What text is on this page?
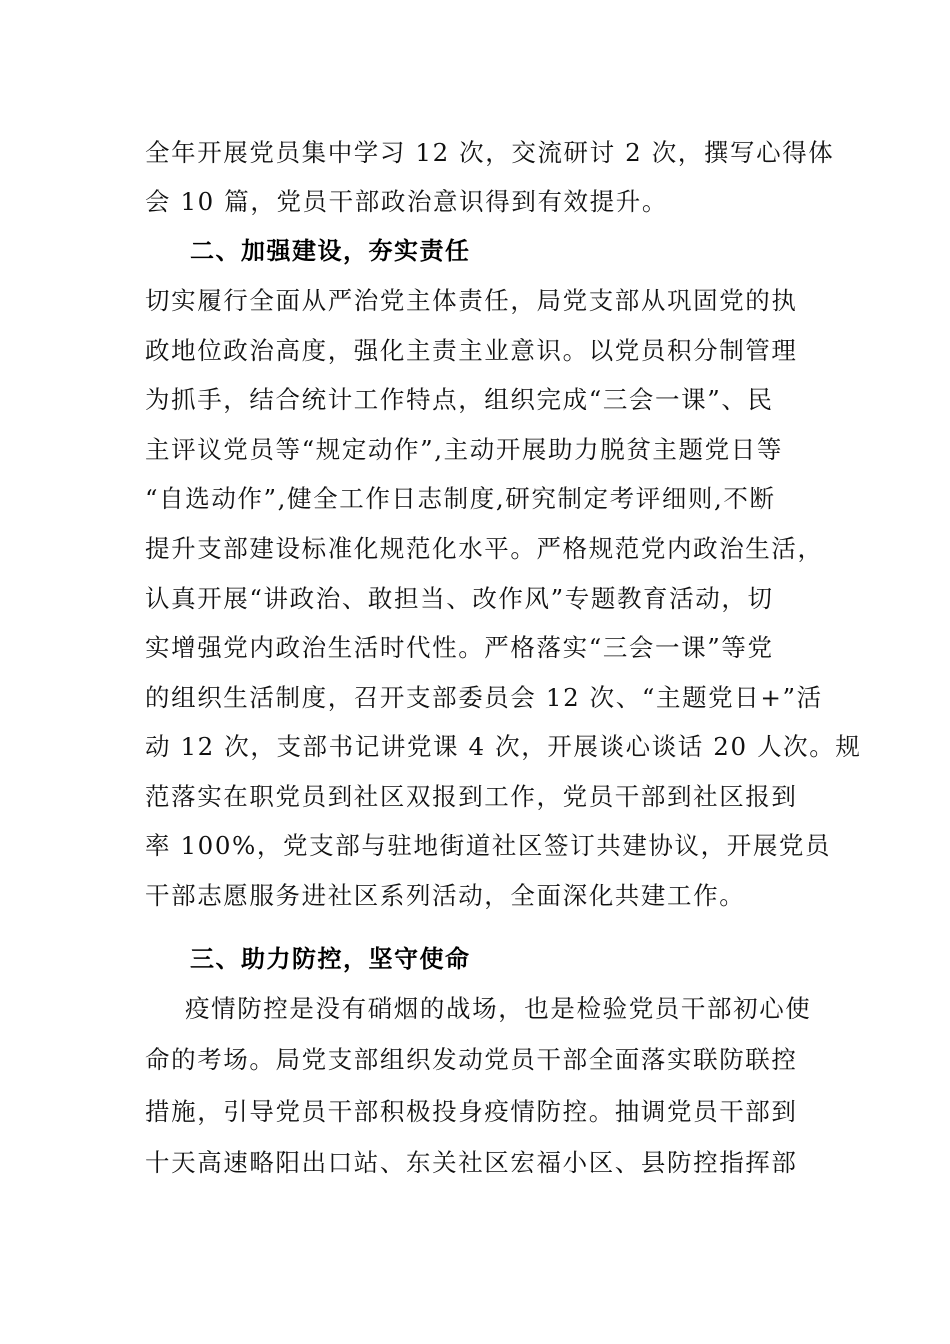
全年开展党员集中学习 12 次，交流研讨 2 次，撰写心得体
会 10 篇，党员干部政治意识得到有效提升。
二、加强建设，夯实责任
切实履行全面从严治党主体责任，局党支部从巩固党的执
政地位政治高度，强化主责主业意识。以党员积分制管理
为抓手，结合统计工作特点，组织完成“三会一课”、民
主评议党员等“规定动作”,主动开展助力脱贫主题党日等
“自选动作”,健全工作日志制度,研究制定考评细则,不断
提升支部建设标准化规范化水平。严格规范党内政治生活，
认真开展“讲政治、敢担当、改作风”专题教育活动，切
实增强党内政治生活时代性。严格落实“三会一课”等党
的组织生活制度，召开支部委员会 12 次、“主题党日+”活
动 12 次，支部书记讲党课 4 次，开展谈心谈话 20 人次。规
范落实在职党员到社区双报到工作，党员干部到社区报到
率 100%，党支部与驻地街道社区签订共建协议，开展党员
干部志愿服务进社区系列活动，全面深化共建工作。
三、助力防控，坚守使命
疫情防控是没有硝烟的战场，也是检验党员干部初心使
命的考场。局党支部组织发动党员干部全面落实联防联控
措施，引导党员干部积极投身疫情防控。抽调党员干部到
十天高速略阳出口站、东关社区宏福小区、县防控指挥部
